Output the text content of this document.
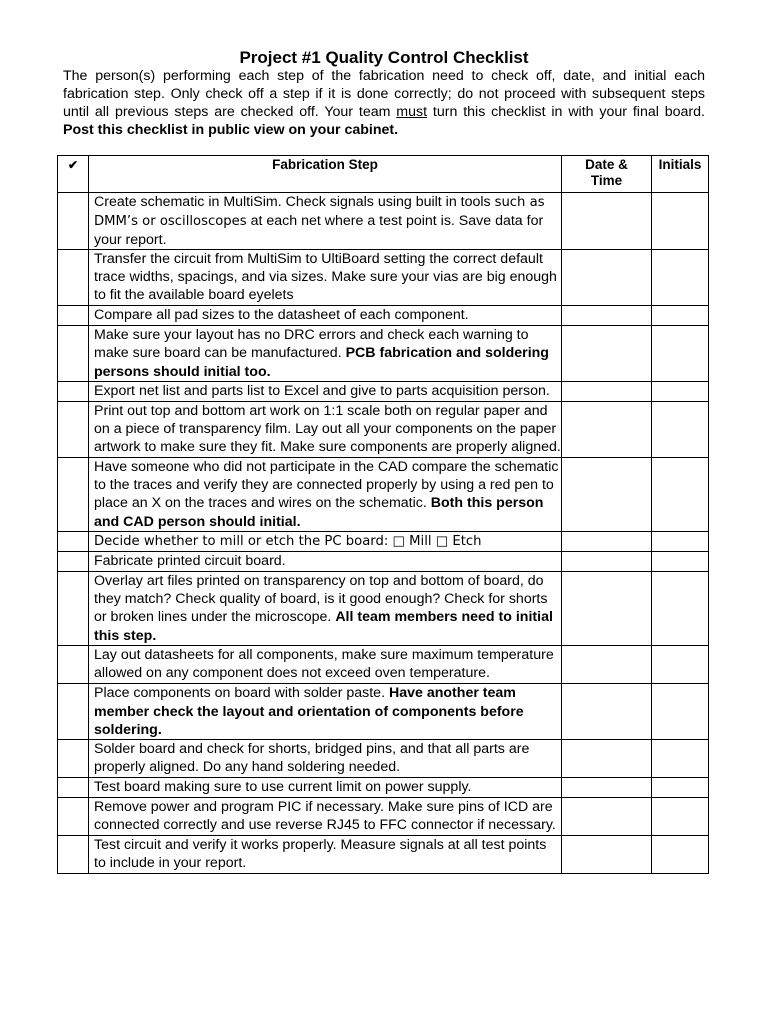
Project #1 Quality Control Checklist
The person(s) performing each step of the fabrication need to check off, date, and initial each fabrication step. Only check off a step if it is done correctly; do not proceed with subsequent steps until all previous steps are checked off. Your team must turn this checklist in with your final board. Post this checklist in public view on your cabinet.
✔	Fabrication Step	Date & Time	Initials
	Create schematic in MultiSim. Check signals using built in tools such as DMM’s or oscilloscopes at each net where a test point is. Save data for your report.		
	Transfer the circuit from MultiSim to UltiBoard setting the correct default trace widths, spacings, and via sizes. Make sure your vias are big enough to fit the available board eyelets		
	Compare all pad sizes to the datasheet of each component.		
	Make sure your layout has no DRC errors and check each warning to make sure board can be manufactured. PCB fabrication and soldering persons should initial too.		
	Export net list and parts list to Excel and give to parts acquisition person.		
	Print out top and bottom art work on 1:1 scale both on regular paper and on a piece of transparency film. Lay out all your components on the paper artwork to make sure they fit. Make sure components are properly aligned.		
	Have someone who did not participate in the CAD compare the schematic to the traces and verify they are connected properly by using a red pen to place an X on the traces and wires on the schematic. Both this person and CAD person should initial.		
	Decide whether to mill or etch the PC board: □ Mill □ Etch		
	Fabricate printed circuit board.		
	Overlay art files printed on transparency on top and bottom of board, do they match? Check quality of board, is it good enough? Check for shorts or broken lines under the microscope. All team members need to initial this step.		
	Lay out datasheets for all components, make sure maximum temperature allowed on any component does not exceed oven temperature.		
	Place components on board with solder paste. Have another team member check the layout and orientation of components before soldering.		
	Solder board and check for shorts, bridged pins, and that all parts are properly aligned. Do any hand soldering needed.		
	Test board making sure to use current limit on power supply.		
	Remove power and program PIC if necessary. Make sure pins of ICD are connected correctly and use reverse RJ45 to FFC connector if necessary.		
	Test circuit and verify it works properly. Measure signals at all test points to include in your report.		
